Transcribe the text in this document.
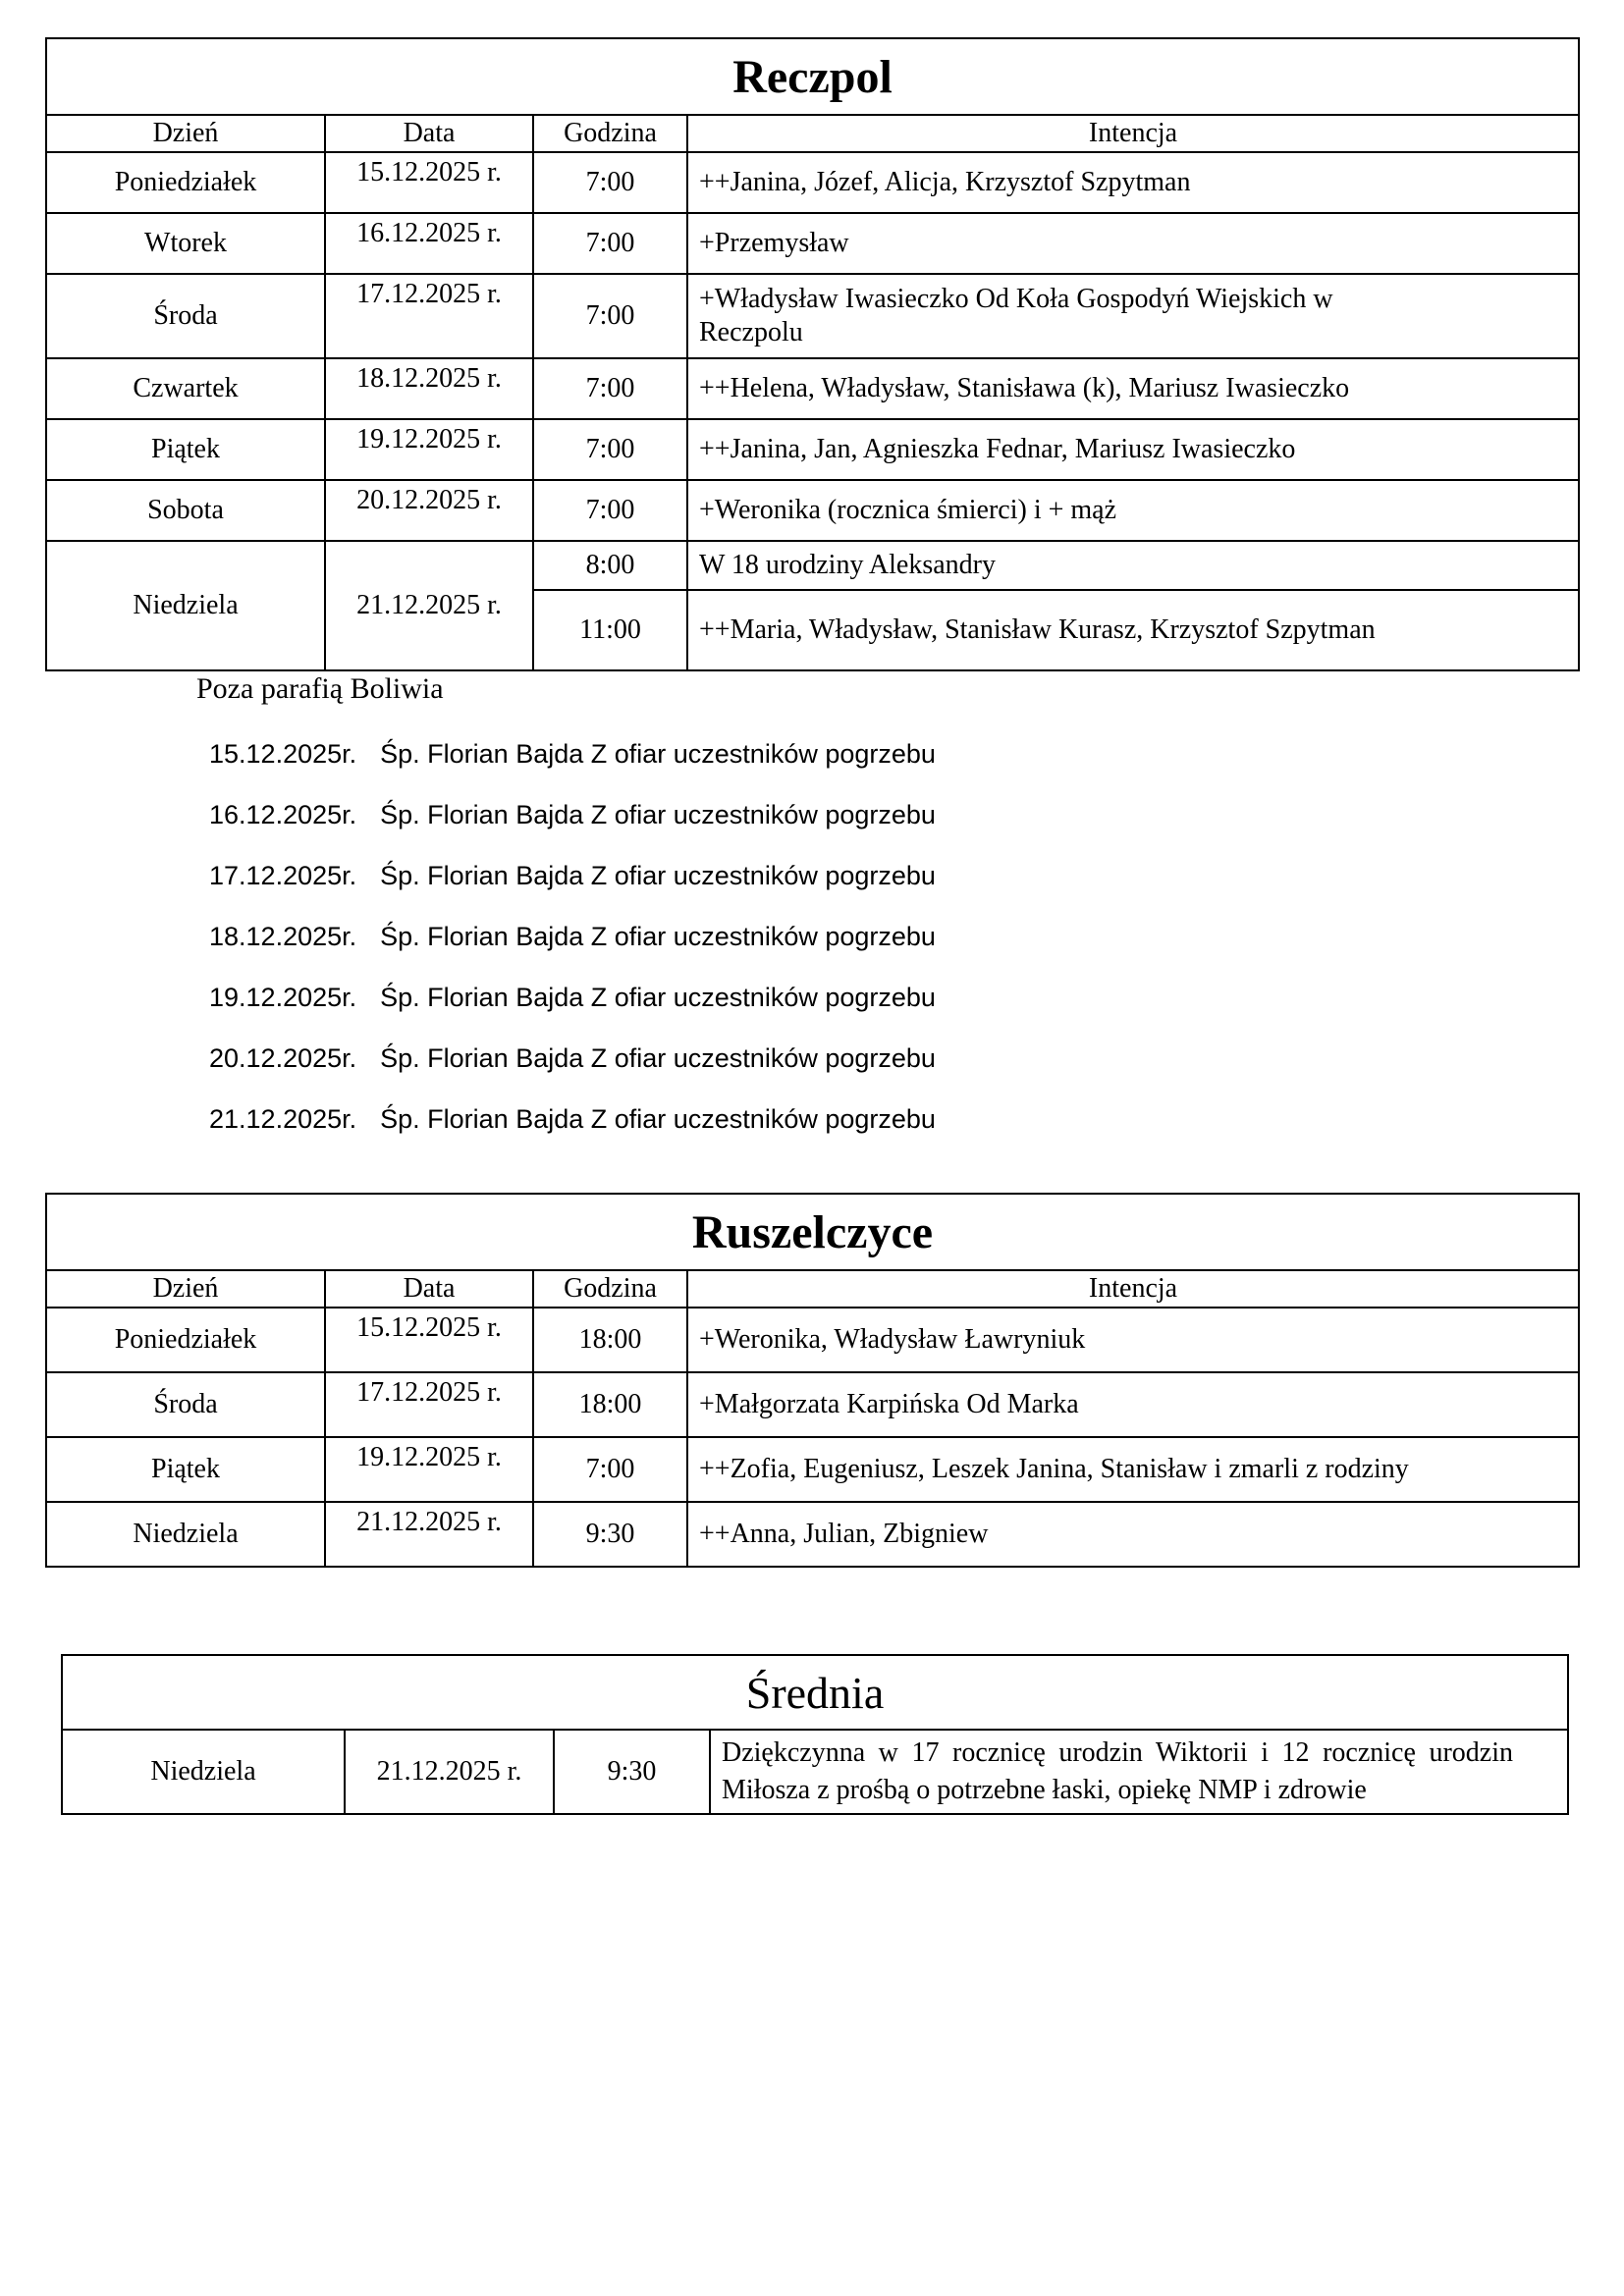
Reczpol			
Dzień	Data	Godzina	Intencja
Poniedziałek	15.12.2025 r.	7:00	++Janina, Józef, Alicja, Krzysztof Szpytman
Wtorek	16.12.2025 r.	7:00	+Przemysław
Środa	17.12.2025 r.	7:00	+Władysław Iwasieczko Od Koła Gospodyń Wiejskich w Reczpolu
Czwartek	18.12.2025 r.	7:00	++Helena, Władysław, Stanisława (k), Mariusz Iwasieczko
Piątek	19.12.2025 r.	7:00	++Janina, Jan, Agnieszka Fednar, Mariusz Iwasieczko
Sobota	20.12.2025 r.	7:00	+Weronika (rocznica śmierci) i + mąż
Niedziela	21.12.2025 r.	8:00	W 18 urodziny Aleksandry
		11:00	++Maria, Władysław, Stanisław Kurasz, Krzysztof Szpytman
Poza parafią Boliwia
15.12.2025r. Śp. Florian Bajda Z ofiar uczestników pogrzebu
16.12.2025r. Śp. Florian Bajda Z ofiar uczestników pogrzebu
17.12.2025r. Śp. Florian Bajda Z ofiar uczestników pogrzebu
18.12.2025r. Śp. Florian Bajda Z ofiar uczestników pogrzebu
19.12.2025r. Śp. Florian Bajda Z ofiar uczestników pogrzebu
20.12.2025r. Śp. Florian Bajda Z ofiar uczestników pogrzebu
21.12.2025r. Śp. Florian Bajda Z ofiar uczestników pogrzebu
Ruszelczyce			
Dzień	Data	Godzina	Intencja
Poniedziałek	15.12.2025 r.	18:00	+Weronika, Władysław Ławryniuk
Środa	17.12.2025 r.	18:00	+Małgorzata Karpińska Od Marka
Piątek	19.12.2025 r.	7:00	++Zofia, Eugeniusz, Leszek Janina, Stanisław i zmarli z rodziny
Niedziela	21.12.2025 r.	9:30	++Anna, Julian, Zbigniew
Średnia
Niedziela	21.12.2025 r.	9:30	Dziękczynna w 17 rocznicę urodzin Wiktorii i 12 rocznicę urodzin Miłosza z prośbą o potrzebne łaski, opiekę NMP i zdrowie
